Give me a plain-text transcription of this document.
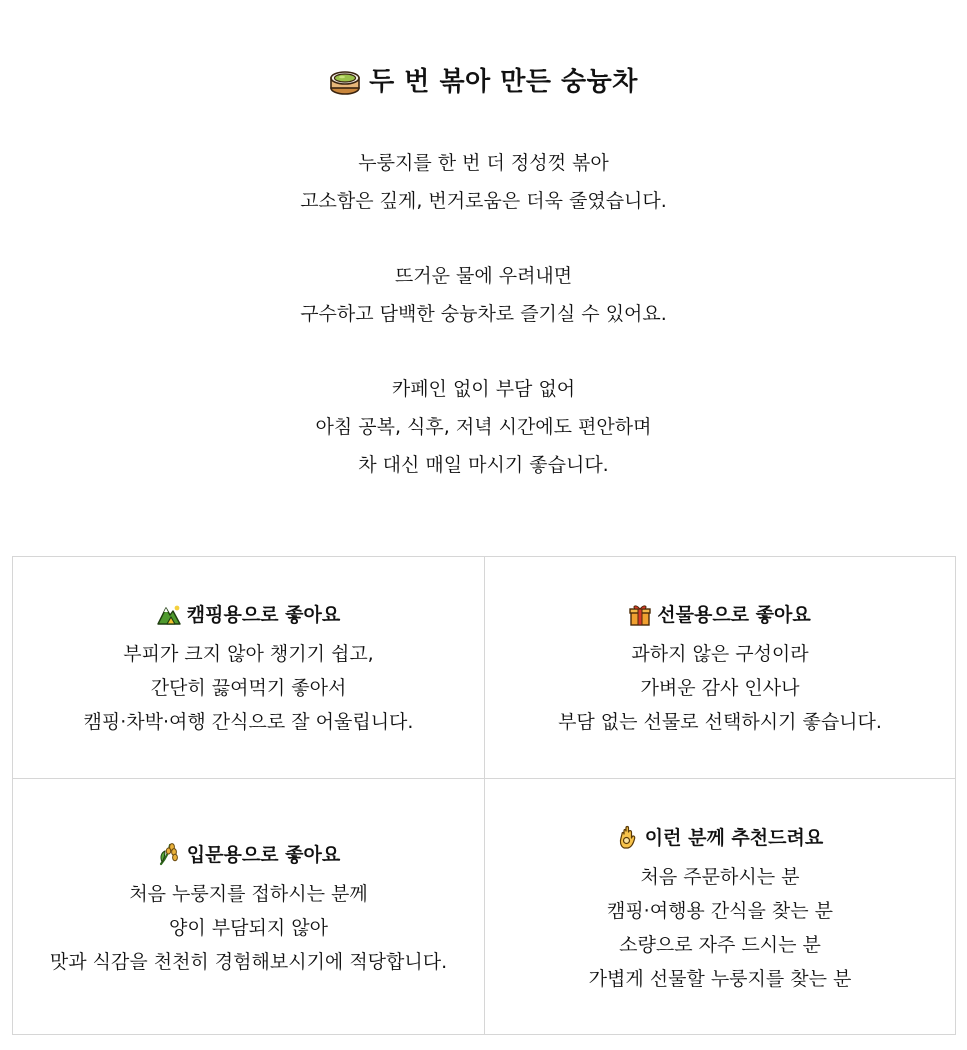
두 번 볶아 만든 숭늉차
누룽지를 한 번 더 정성껏 볶아
고소함은 깊게, 번거로움은 더욱 줄였습니다.
뜨거운 물에 우려내면
구수하고 담백한 숭늉차로 즐기실 수 있어요.
카페인 없이 부담 없어
아침 공복, 식후, 저녁 시간에도 편안하며
차 대신 매일 마시기 좋습니다.
캠핑용으로 좋아요
부피가 크지 않아 챙기기 쉽고,
간단히 끓여먹기 좋아서
캠핑·차박·여행 간식으로 잘 어울립니다.
선물용으로 좋아요
과하지 않은 구성이라
가벼운 감사 인사나
부담 없는 선물로 선택하시기 좋습니다.
입문용으로 좋아요
처음 누룽지를 접하시는 분께
양이 부담되지 않아
맛과 식감을 천천히 경험해보시기에 적당합니다.
이런 분께 추천드려요
처음 주문하시는 분
캠핑·여행용 간식을 찾는 분
소량으로 자주 드시는 분
가볍게 선물할 누룽지를 찾는 분
